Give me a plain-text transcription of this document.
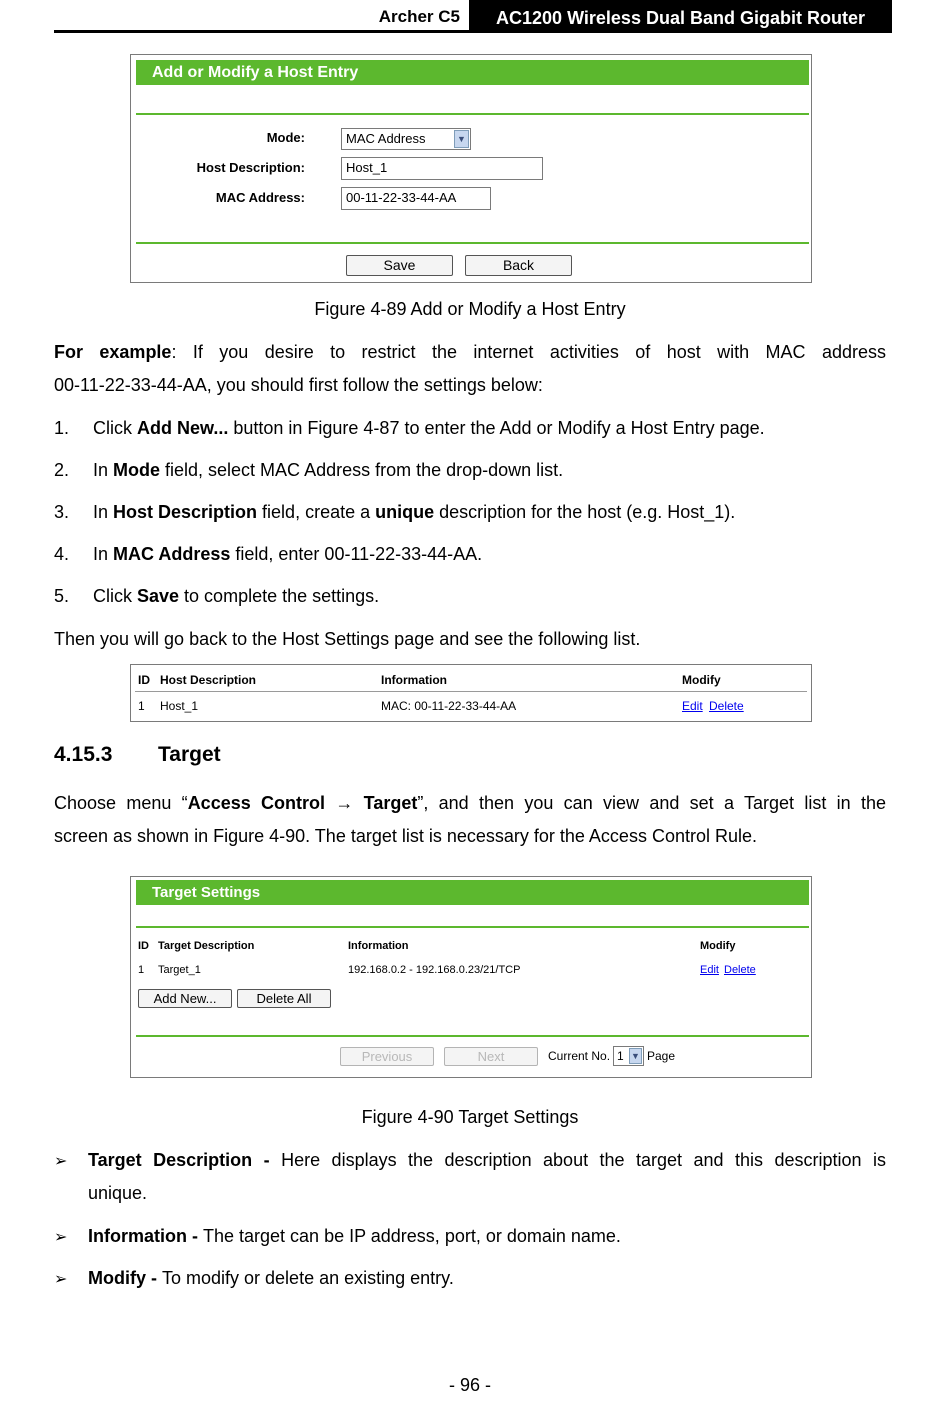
Archer C5	AC1200 Wireless Dual Band Gigabit Router
Add or Modify a Host Entry
Mode:	MAC Address	▼
Host Description:	Host_1
MAC Address:	00-11-22-33-44-AA
Save	Back
Figure 4-89 Add or Modify a Host Entry
For example: If you desire to restrict the internet activities of host with MAC address
00-11-22-33-44-AA, you should first follow the settings below:
1. Click Add New... button in Figure 4-87 to enter the Add or Modify a Host Entry page.
2. In Mode field, select MAC Address from the drop-down list.
3. In Host Description field, create a unique description for the host (e.g. Host_1).
4. In MAC Address field, enter 00-11-22-33-44-AA.
5. Click Save to complete the settings.
Then you will go back to the Host Settings page and see the following list.
ID Host Description	Information	Modify
1 Host_1	MAC: 00-11-22-33-44-AA	Edit Delete
4.15.3 Target
Choose menu “Access Control → Target”, and then you can view and set a Target list in the
screen as shown in Figure 4-90. The target list is necessary for the Access Control Rule.
Target Settings
ID Target Description	Information	Modify
1 Target_1	192.168.0.2 - 192.168.0.23/21/TCP	Edit Delete
Add New...	Delete All
Previous	Next	Current No. 1 ▼ Page
Figure 4-90 Target Settings
➢ Target Description - Here displays the description about the target and this description is
unique.
➢ Information - The target can be IP address, port, or domain name.
➢ Modify - To modify or delete an existing entry.
- 96 -
